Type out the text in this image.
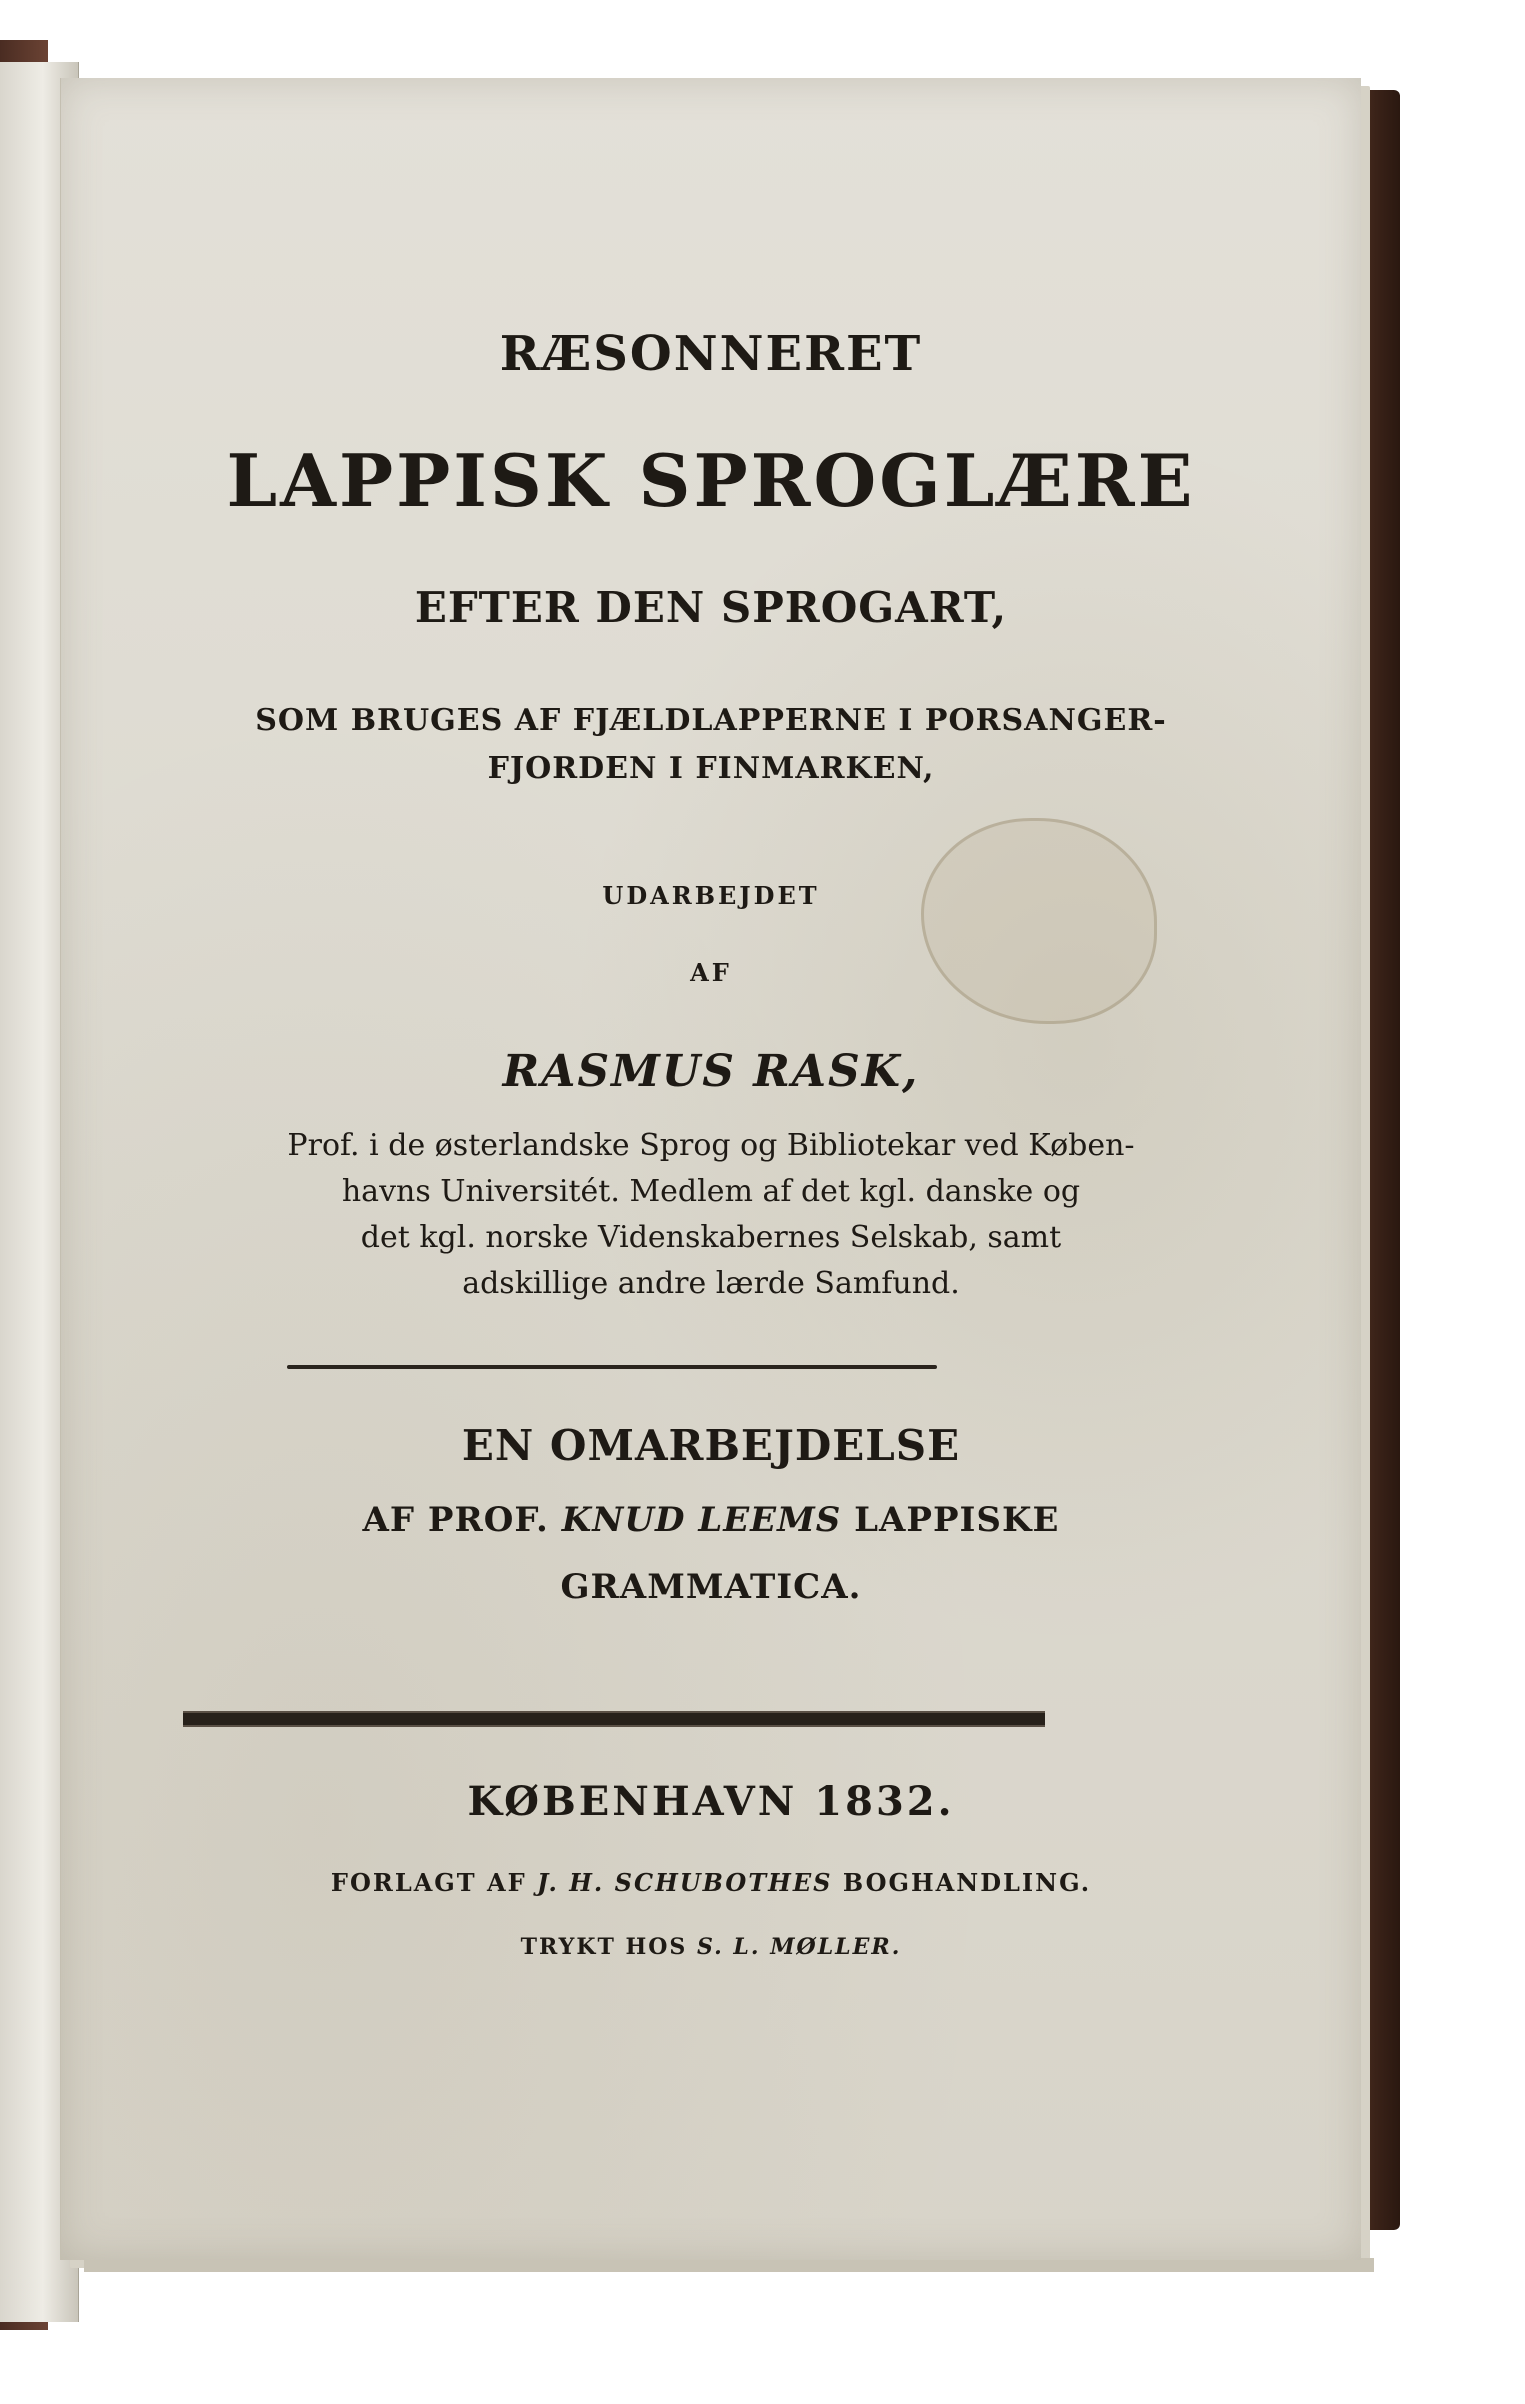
RÆSONNERET
LAPPISK SPROGLÆRE
EFTER DEN SPROGART,
SOM BRUGES AF FJÆLDLAPPERNE I PORSANGER-
FJORDEN I FINMARKEN,
UDARBEJDET
AF
RASMUS RASK,
Prof. i de østerlandske Sprog og Bibliotekar ved Køben-
havns Universitét. Medlem af det kgl. danske og
det kgl. norske Videnskabernes Selskab, samt
adskillige andre lærde Samfund.
EN OMARBEJDELSE
AF PROF. KNUD LEEMS LAPPISKE
GRAMMATICA.
KØBENHAVN 1832.
FORLAGT AF J. H. SCHUBOTHES BOGHANDLING.
TRYKT HOS S. L. MØLLER.
